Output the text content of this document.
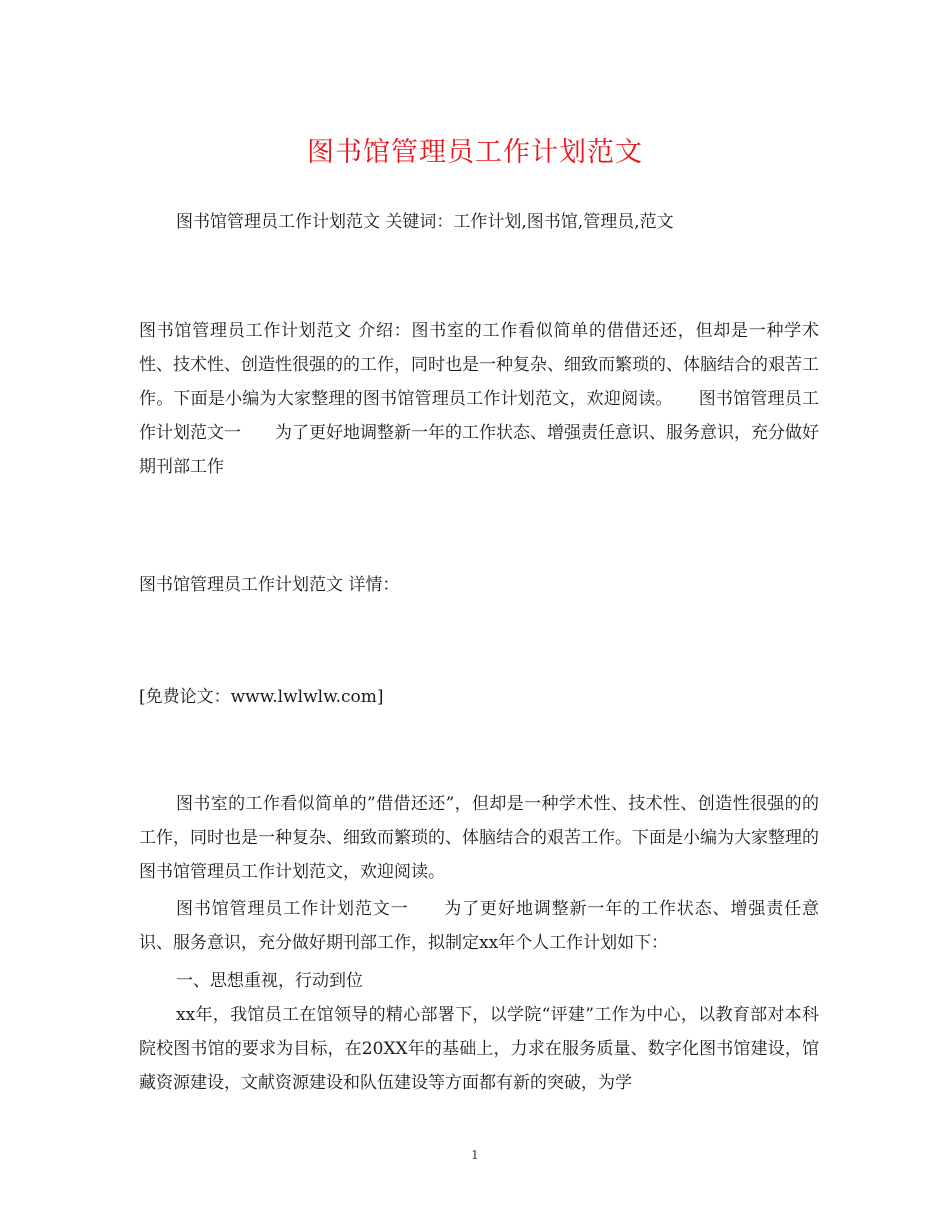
图书馆管理员工作计划范文

图书馆管理员工作计划范文 关键词：工作计划,图书馆,管理员,范文

图书馆管理员工作计划范文 介绍：图书室的工作看似简单的借借还还，但却是一种学术性、技术性、创造性很强的的工作，同时也是一种复杂、细致而繁琐的、体脑结合的艰苦工作。下面是小编为大家整理的图书馆管理员工作计划范文，欢迎阅读。　　图书馆管理员工作计划范文一　　为了更好地调整新一年的工作状态、增强责任意识、服务意识，充分做好期刊部工作

图书馆管理员工作计划范文 详情：

[免费论文：www.lwlwlw.com]

图书室的工作看似简单的”借借还还”，但却是一种学术性、技术性、创造性很强的的工作，同时也是一种复杂、细致而繁琐的、体脑结合的艰苦工作。下面是小编为大家整理的图书馆管理员工作计划范文，欢迎阅读。

图书馆管理员工作计划范文一　　为了更好地调整新一年的工作状态、增强责任意识、服务意识，充分做好期刊部工作，拟制定xx年个人工作计划如下：

一、思想重视，行动到位

xx年，我馆员工在馆领导的精心部署下，以学院“评建”工作为中心，以教育部对本科院校图书馆的要求为目标，在20XX年的基础上，力求在服务质量、数字化图书馆建设，馆藏资源建设，文献资源建设和队伍建设等方面都有新的突破，为学

1
